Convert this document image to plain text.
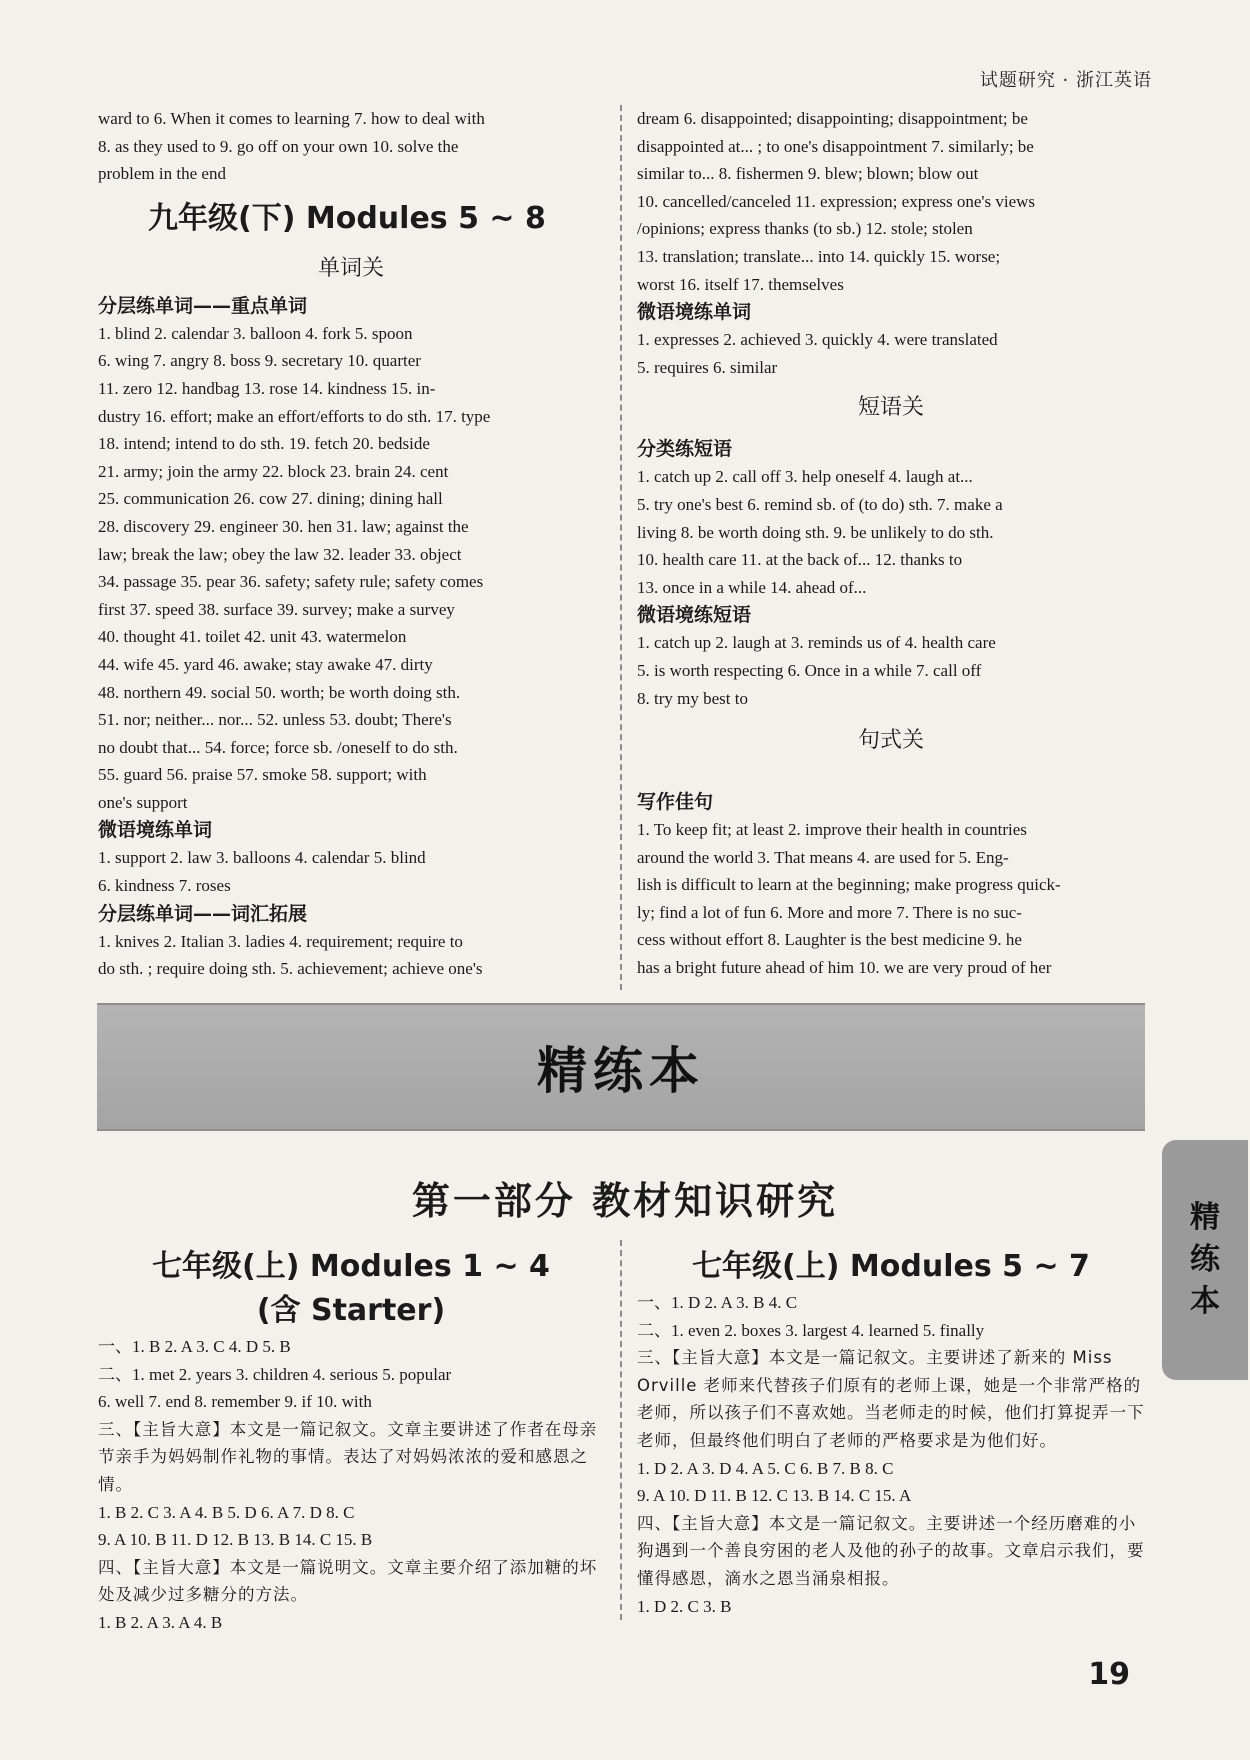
试题研究 · 浙江英语

ward to 6. When it comes to learning 7. how to deal with

8. as they used to 9. go off on your own 10. solve the

problem in the end

九年级(下) Modules 5 ~ 8

单词关

分层练单词——重点单词

1. blind 2. calendar 3. balloon 4. fork 5. spoon

6. wing 7. angry 8. boss 9. secretary 10. quarter

11. zero 12. handbag 13. rose 14. kindness 15. in-

dustry 16. effort; make an effort/efforts to do sth. 17. type

18. intend; intend to do sth. 19. fetch 20. bedside

21. army; join the army 22. block 23. brain 24. cent

25. communication 26. cow 27. dining; dining hall

28. discovery 29. engineer 30. hen 31. law; against the

law; break the law; obey the law 32. leader 33. object

34. passage 35. pear 36. safety; safety rule; safety comes

first 37. speed 38. surface 39. survey; make a survey

40. thought 41. toilet 42. unit 43. watermelon

44. wife 45. yard 46. awake; stay awake 47. dirty

48. northern 49. social 50. worth; be worth doing sth.

51. nor; neither... nor... 52. unless 53. doubt; There's

no doubt that... 54. force; force sb. /oneself to do sth.

55. guard 56. praise 57. smoke 58. support; with

one's support

微语境练单词

1. support 2. law 3. balloons 4. calendar 5. blind

6. kindness 7. roses

分层练单词——词汇拓展

1. knives 2. Italian 3. ladies 4. requirement; require to

do sth. ; require doing sth. 5. achievement; achieve one's

dream 6. disappointed; disappointing; disappointment; be

disappointed at... ; to one's disappointment 7. similarly; be

similar to... 8. fishermen 9. blew; blown; blow out

10. cancelled/canceled 11. expression; express one's views

/opinions; express thanks (to sb.) 12. stole; stolen

13. translation; translate... into 14. quickly 15. worse;

worst 16. itself 17. themselves

微语境练单词

1. expresses 2. achieved 3. quickly 4. were translated

5. requires 6. similar

短语关

分类练短语

1. catch up 2. call off 3. help oneself 4. laugh at...

5. try one's best 6. remind sb. of (to do) sth. 7. make a

living 8. be worth doing sth. 9. be unlikely to do sth.

10. health care 11. at the back of... 12. thanks to

13. once in a while 14. ahead of...

微语境练短语

1. catch up 2. laugh at 3. reminds us of 4. health care

5. is worth respecting 6. Once in a while 7. call off

8. try my best to

句式关

写作佳句

1. To keep fit; at least 2. improve their health in countries

around the world 3. That means 4. are used for 5. Eng-

lish is difficult to learn at the beginning; make progress quick-

ly; find a lot of fun 6. More and more 7. There is no suc-

cess without effort 8. Laughter is the best medicine 9. he

has a bright future ahead of him 10. we are very proud of her

精练本
第一部分 教材知识研究	精
练
本

七年级(上) Modules 1 ~ 4

(含 Starter)

一、1. B 2. A 3. C 4. D 5. B

二、1. met 2. years 3. children 4. serious 5. popular

6. well 7. end 8. remember 9. if 10. with

三、【主旨大意】本文是一篇记叙文。文章主要讲述了作者在母亲节亲手为妈妈制作礼物的事情。表达了对妈妈浓浓的爱和感恩之情。

1. B 2. C 3. A 4. B 5. D 6. A 7. D 8. C

9. A 10. B 11. D 12. B 13. B 14. C 15. B

四、【主旨大意】本文是一篇说明文。文章主要介绍了添加糖的坏处及减少过多糖分的方法。

1. B 2. A 3. A 4. B

七年级(上) Modules 5 ~ 7

一、1. D 2. A 3. B 4. C

二、1. even 2. boxes 3. largest 4. learned 5. finally

三、【主旨大意】本文是一篇记叙文。主要讲述了新来的 Miss Orville 老师来代替孩子们原有的老师上课，她是一个非常严格的老师，所以孩子们不喜欢她。当老师走的时候，他们打算捉弄一下老师，但最终他们明白了老师的严格要求是为他们好。

1. D 2. A 3. D 4. A 5. C 6. B 7. B 8. C

9. A 10. D 11. B 12. C 13. B 14. C 15. A

四、【主旨大意】本文是一篇记叙文。主要讲述一个经历磨难的小狗遇到一个善良穷困的老人及他的孙子的故事。文章启示我们，要懂得感恩，滴水之恩当涌泉相报。

1. D 2. C 3. B

19
